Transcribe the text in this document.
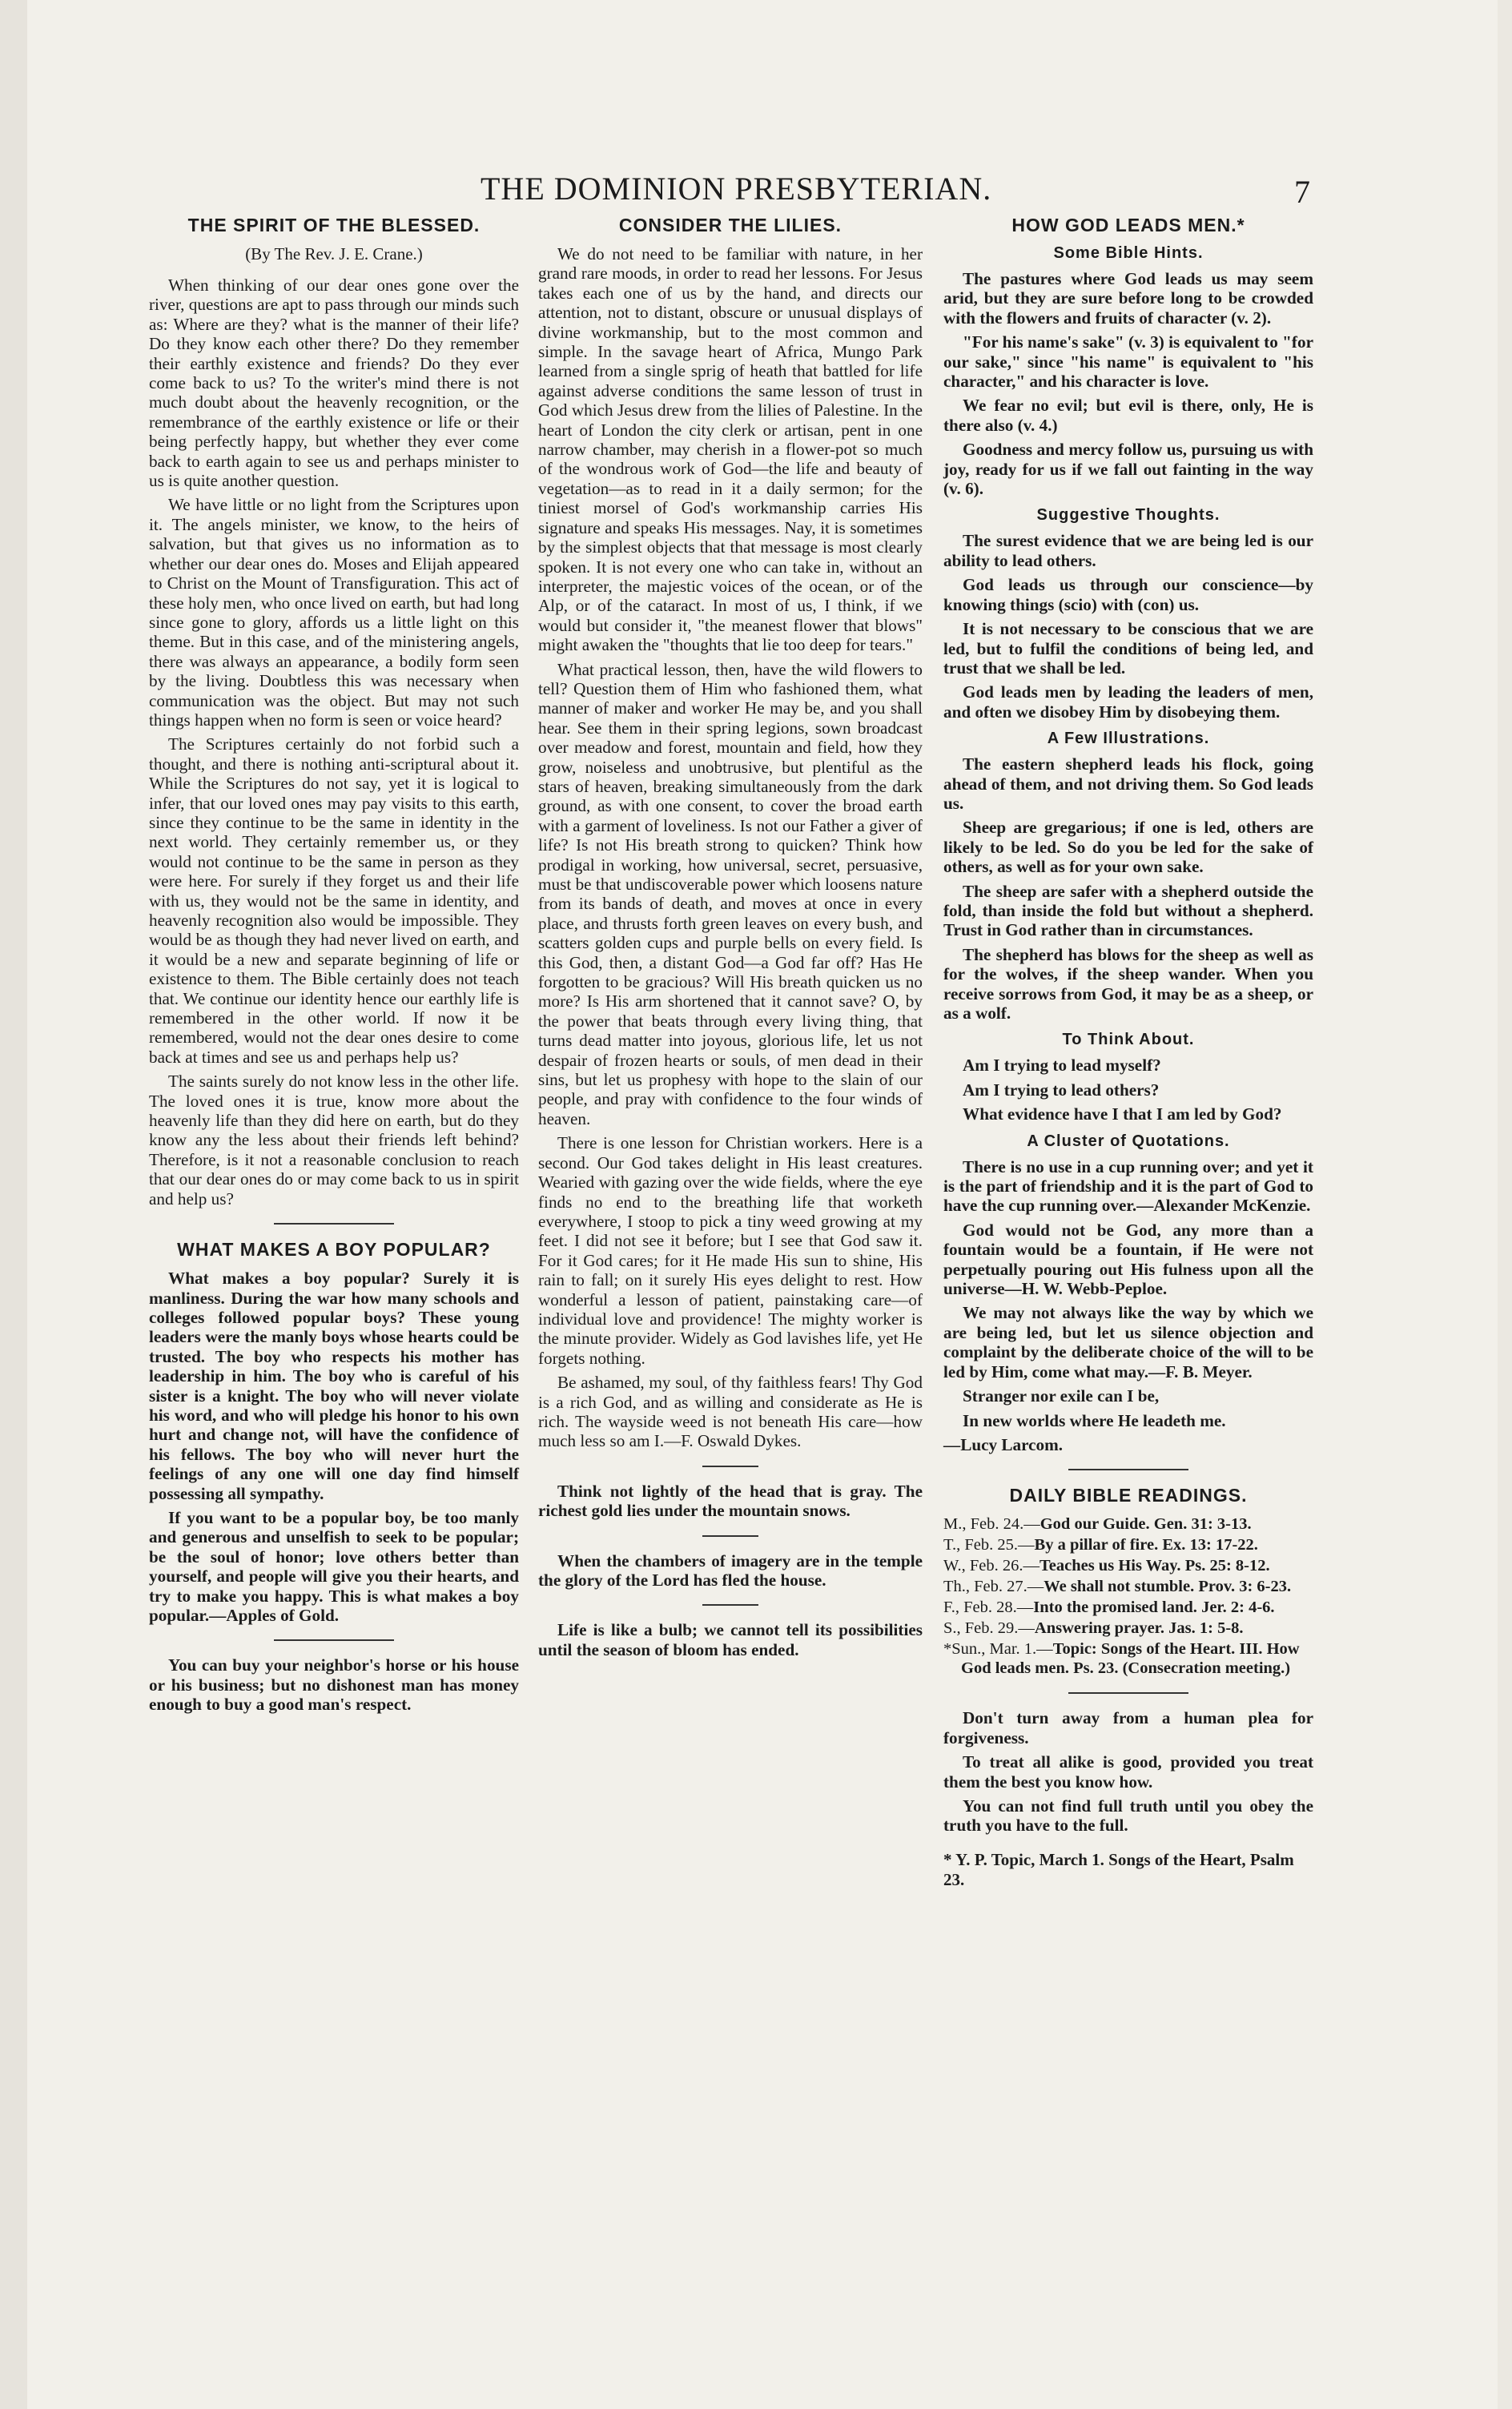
THE DOMINION PRESBYTERIAN.	7
THE SPIRIT OF THE BLESSED.
(By The Rev. J. E. Crane.)

When thinking of our dear ones gone over the river, questions are apt to pass through our minds such as: Where are they? what is the manner of their life? Do they know each other there? Do they remember their earthly existence and friends? Do they ever come back to us? To the writer's mind there is not much doubt about the heavenly recognition, or the remembrance of the earthly existence or life or their being perfectly happy, but whether they ever come back to earth again to see us and perhaps minister to us is quite another question.

We have little or no light from the Scriptures upon it. The angels minister, we know, to the heirs of salvation, but that gives us no information as to whether our dear ones do. Moses and Elijah appeared to Christ on the Mount of Transfiguration. This act of these holy men, who once lived on earth, but had long since gone to glory, affords us a little light on this theme. But in this case, and of the ministering angels, there was always an appearance, a bodily form seen by the living. Doubtless this was necessary when communication was the object. But may not such things happen when no form is seen or voice heard?

The Scriptures certainly do not forbid such a thought, and there is nothing anti-scriptural about it. While the Scriptures do not say, yet it is logical to infer, that our loved ones may pay visits to this earth, since they continue to be the same in identity in the next world. They certainly remember us, or they would not continue to be the same in person as they were here. For surely if they forget us and their life with us, they would not be the same in identity, and heavenly recognition also would be impossible. They would be as though they had never lived on earth, and it would be a new and separate beginning of life or existence to them. The Bible certainly does not teach that. We continue our identity hence our earthly life is remembered in the other world. If now it be remembered, would not the dear ones desire to come back at times and see us and perhaps help us?

The saints surely do not know less in the other life. The loved ones it is true, know more about the heavenly life than they did here on earth, but do they know any the less about their friends left behind? Therefore, is it not a reasonable conclusion to reach that our dear ones do or may come back to us in spirit and help us?

WHAT MAKES A BOY POPULAR?

What makes a boy popular? Surely it is manliness. During the war how many schools and colleges followed popular boys? These young leaders were the manly boys whose hearts could be trusted. The boy who respects his mother has leadership in him. The boy who is careful of his sister is a knight. The boy who will never violate his word, and who will pledge his honor to his own hurt and change not, will have the confidence of his fellows. The boy who will never hurt the feelings of any one will one day find himself possessing all sympathy.

If you want to be a popular boy, be too manly and generous and unselfish to seek to be popular; be the soul of honor; love others better than yourself, and people will give you their hearts, and try to make you happy. This is what makes a boy popular.—Apples of Gold.

You can buy your neighbor's horse or his house or his business; but no dishonest man has money enough to buy a good man's respect.

CONSIDER THE LILIES.

We do not need to be familiar with nature, in her grand rare moods, in order to read her lessons. For Jesus takes each one of us by the hand, and directs our attention, not to distant, obscure or unusual displays of divine workmanship, but to the most common and simple. In the savage heart of Africa, Mungo Park learned from a single sprig of heath that battled for life against adverse conditions the same lesson of trust in God which Jesus drew from the lilies of Palestine. In the heart of London the city clerk or artisan, pent in one narrow chamber, may cherish in a flower-pot so much of the wondrous work of God—the life and beauty of vegetation—as to read in it a daily sermon; for the tiniest morsel of God's workmanship carries His signature and speaks His messages. Nay, it is sometimes by the simplest objects that that message is most clearly spoken. It is not every one who can take in, without an interpreter, the majestic voices of the ocean, or of the Alp, or of the cataract. In most of us, I think, if we would but consider it, "the meanest flower that blows" might awaken the "thoughts that lie too deep for tears."

What practical lesson, then, have the wild flowers to tell? Question them of Him who fashioned them, what manner of maker and worker He may be, and you shall hear. See them in their spring legions, sown broadcast over meadow and forest, mountain and field, how they grow, noiseless and unobtrusive, but plentiful as the stars of heaven, breaking simultaneously from the dark ground, as with one consent, to cover the broad earth with a garment of loveliness. Is not our Father a giver of life? Is not His breath strong to quicken? Think how prodigal in working, how universal, secret, persuasive, must be that undiscoverable power which loosens nature from its bands of death, and moves at once in every place, and thrusts forth green leaves on every bush, and scatters golden cups and purple bells on every field. Is this God, then, a distant God—a God far off? Has He forgotten to be gracious? Will His breath quicken us no more? Is His arm shortened that it cannot save? O, by the power that beats through every living thing, that turns dead matter into joyous, glorious life, let us not despair of frozen hearts or souls, of men dead in their sins, but let us prophesy with hope to the slain of our people, and pray with confidence to the four winds of heaven.

There is one lesson for Christian workers. Here is a second. Our God takes delight in His least creatures. Wearied with gazing over the wide fields, where the eye finds no end to the breathing life that worketh everywhere, I stoop to pick a tiny weed growing at my feet. I did not see it before; but I see that God saw it. For it God cares; for it He made His sun to shine, His rain to fall; on it surely His eyes delight to rest. How wonderful a lesson of patient, painstaking care—of individual love and providence! The mighty worker is the minute provider. Widely as God lavishes life, yet He forgets nothing.

Be ashamed, my soul, of thy faithless fears! Thy God is a rich God, and as willing and considerate as He is rich. The wayside weed is not beneath His care—how much less so am I.—F. Oswald Dykes.

Think not lightly of the head that is gray. The richest gold lies under the mountain snows.

When the chambers of imagery are in the temple the glory of the Lord has fled the house.

Life is like a bulb; we cannot tell its possibilities until the season of bloom has ended.

HOW GOD LEADS MEN.*
Some Bible Hints.

The pastures where God leads us may seem arid, but they are sure before long to be crowded with the flowers and fruits of character (v. 2).

"For his name's sake" (v. 3) is equivalent to "for our sake," since "his name" is equivalent to "his character," and his character is love.

We fear no evil; but evil is there, only, He is there also (v. 4.)

Goodness and mercy follow us, pursuing us with joy, ready for us if we fall out fainting in the way (v. 6).

Suggestive Thoughts.

The surest evidence that we are being led is our ability to lead others.

God leads us through our conscience—by knowing things (scio) with (con) us.

It is not necessary to be conscious that we are led, but to fulfil the conditions of being led, and trust that we shall be led.

God leads men by leading the leaders of men, and often we disobey Him by disobeying them.

A Few Illustrations.

The eastern shepherd leads his flock, going ahead of them, and not driving them. So God leads us.

Sheep are gregarious; if one is led, others are likely to be led. So do you be led for the sake of others, as well as for your own sake.

The sheep are safer with a shepherd outside the fold, than inside the fold but without a shepherd. Trust in God rather than in circumstances.

The shepherd has blows for the sheep as well as for the wolves, if the sheep wander. When you receive sorrows from God, it may be as a sheep, or as a wolf.

To Think About.

Am I trying to lead myself?

Am I trying to lead others?

What evidence have I that I am led by God?

A Cluster of Quotations.

There is no use in a cup running over; and yet it is the part of friendship and it is the part of God to have the cup running over.—Alexander McKenzie.

God would not be God, any more than a fountain would be a fountain, if He were not perpetually pouring out His fulness upon all the universe—H. W. Webb-Peploe.

We may not always like the way by which we are being led, but let us silence objection and complaint by the deliberate choice of the will to be led by Him, come what may.—F. B. Meyer.

Stranger nor exile can I be,

In new worlds where He leadeth me.

—Lucy Larcom.
DAILY BIBLE READINGS.
M., Feb. 24.—God our Guide. Gen. 31: 3-13.
T., Feb. 25.—By a pillar of fire. Ex. 13: 17-22.
W., Feb. 26.—Teaches us His Way. Ps. 25: 8-12.
Th., Feb. 27.—We shall not stumble. Prov. 3: 6-23.
F., Feb. 28.—Into the promised land. Jer. 2: 4-6.
S., Feb. 29.—Answering prayer. Jas. 1: 5-8.
*Sun., Mar. 1.—Topic: Songs of the Heart. III. How God leads men. Ps. 23. (Consecration meeting.)

Don't turn away from a human plea for forgiveness.

To treat all alike is good, provided you treat them the best you know how.

You can not find full truth until you obey the truth you have to the full.

* Y. P. Topic, March 1. Songs of the Heart, Psalm 23.
